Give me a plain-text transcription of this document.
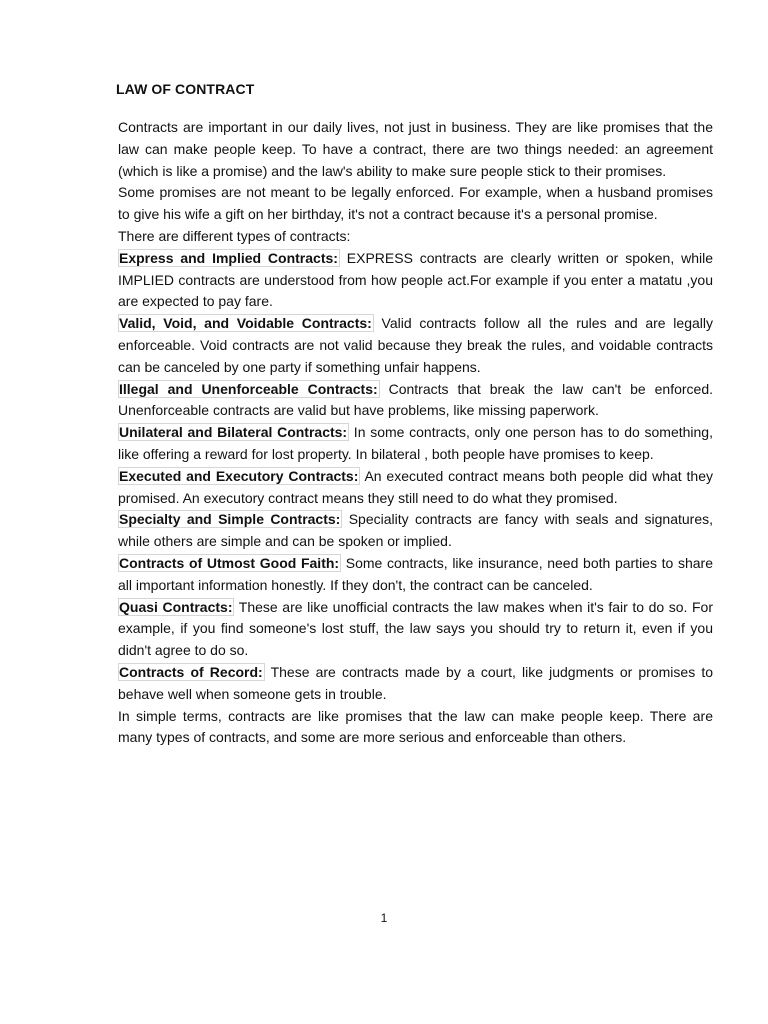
LAW OF CONTRACT

Contracts are important in our daily lives, not just in business. They are like promises that the law can make people keep. To have a contract, there are two things needed: an agreement (which is like a promise) and the law's ability to make sure people stick to their promises.

Some promises are not meant to be legally enforced. For example, when a husband promises to give his wife a gift on her birthday, it's not a contract because it's a personal promise.

There are different types of contracts:

Express and Implied Contracts: EXPRESS contracts are clearly written or spoken, while IMPLIED contracts are understood from how people act.For example if you enter a matatu ,you are expected to pay fare.

Valid, Void, and Voidable Contracts: Valid contracts follow all the rules and are legally enforceable. Void contracts are not valid because they break the rules, and voidable contracts can be canceled by one party if something unfair happens.

Illegal and Unenforceable Contracts: Contracts that break the law can't be enforced. Unenforceable contracts are valid but have problems, like missing paperwork.

Unilateral and Bilateral Contracts: In some contracts, only one person has to do something, like offering a reward for lost property. In bilateral , both people have promises to keep.

Executed and Executory Contracts: An executed contract means both people did what they promised. An executory contract means they still need to do what they promised.

Specialty and Simple Contracts: Speciality contracts are fancy with seals and signatures, while others are simple and can be spoken or implied.

Contracts of Utmost Good Faith: Some contracts, like insurance, need both parties to share all important information honestly. If they don't, the contract can be canceled.

Quasi Contracts: These are like unofficial contracts the law makes when it's fair to do so. For example, if you find someone's lost stuff, the law says you should try to return it, even if you didn't agree to do so.

Contracts of Record: These are contracts made by a court, like judgments or promises to behave well when someone gets in trouble.

In simple terms, contracts are like promises that the law can make people keep. There are many types of contracts, and some are more serious and enforceable than others.

1
